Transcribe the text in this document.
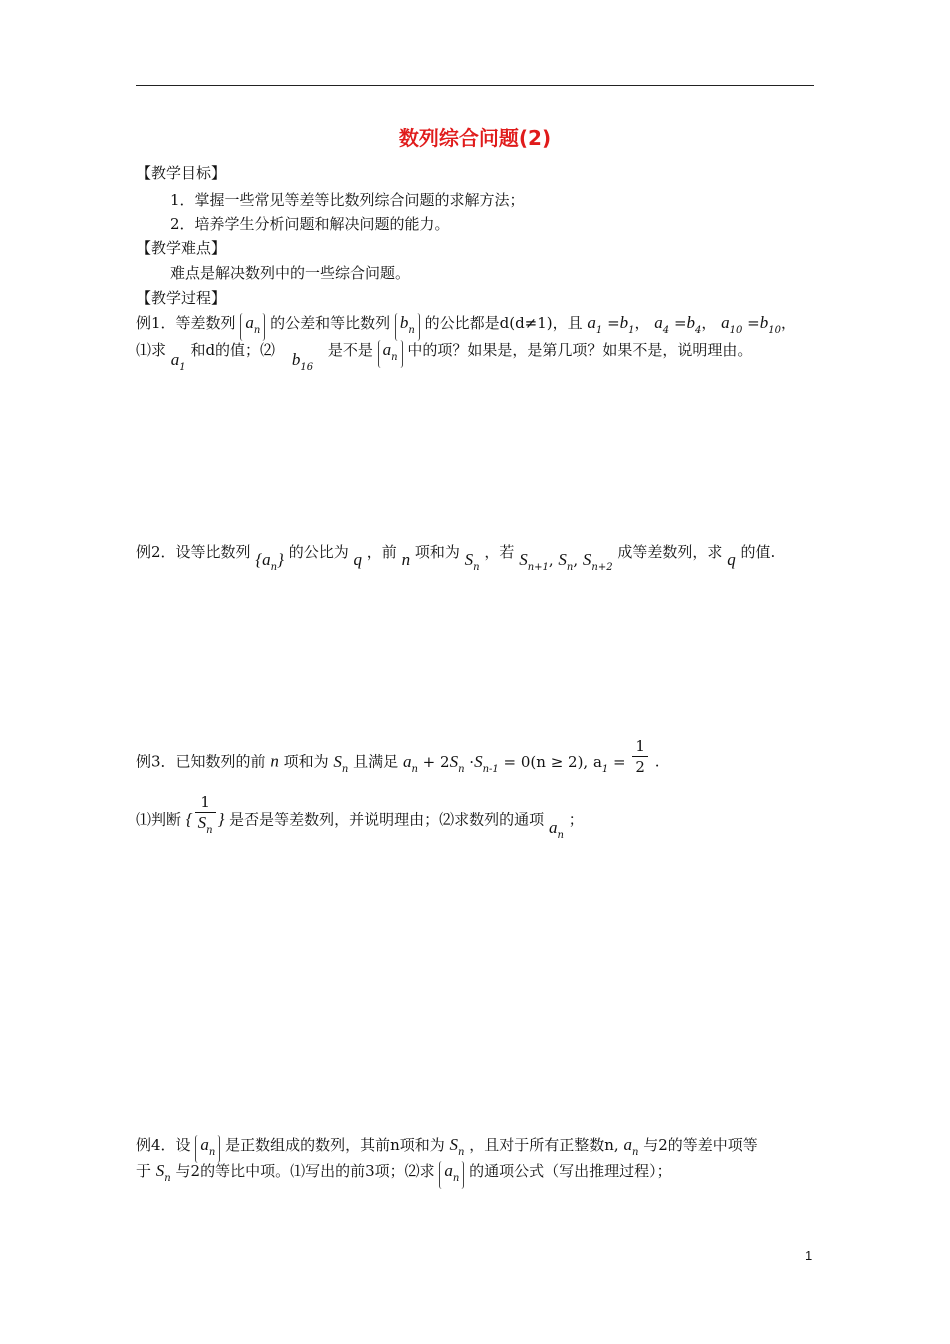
数列综合问题(2)
【教学目标】
1．掌握一些常见等差等比数列综合问题的求解方法；
2．培养学生分析问题和解决问题的能力。
【教学难点】
难点是解决数列中的一些综合问题。
【教学过程】
例1．等差数列 $a_n$ 的公差和等比数列 $b_n$ 的公比都是d(d≠1)，且 $a_1 =b_1$， $a_4 =b_4$， $a_{10} =b_{10}$，
⑴求 $a_1$ 和d的值；⑵ $b_{16}$ 是不是 $a_n$ 中的项？如果是，是第几项？如果不是，说明理由。
例2．设等比数列 $\{a_n\}$ 的公比为 q ，前 n 项和为 $S_n$ ，若 $S_{n+1}$, $S_n$, $S_{n+2}$ 成等差数列，求 q 的值.
例3．已知数列的前 n 项和为 $S_n$ 且满足 $a_n + 2S_n \cdot S_{n-1} = 0(n \ge 2)$, $a_1 = \frac{1}{2}$ .
⑴判断 { $\frac{1}{S_n}$ } 是否是等差数列，并说明理由；⑵求数列的通项 $a_n$ ；
例4．设 $a_n$ 是正数组成的数列，其前n项和为 $S_n$ ，且对于所有正整数n, $a_n$ 与2的等差中项等
于 $S_n$ 与2的等比中项。⑴写出的前3项；⑵求 $a_n$ 的通项公式（写出推理过程）；
1
